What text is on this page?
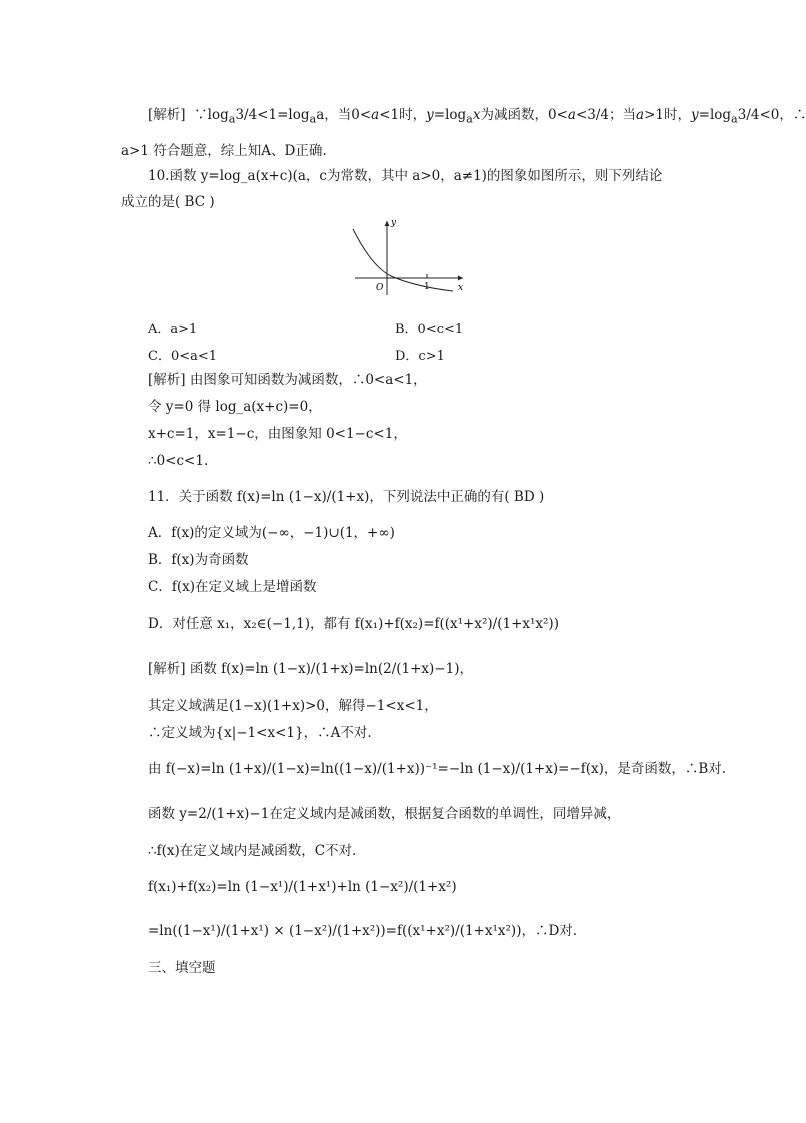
[解析]  $\because\log_a3/4<1=\log_aa$，当0<a<1时，$y=\log_ax$为减函数，0<a<3/4；当a>1时，$y=\log_a3/4<0$，∴
a>1 符合题意，综上知A、D正确.
10.函数 y=log_a(x+c)(a，c为常数，其中 a>0，a≠1)的图象如图所示，则下列结论
成立的是( BC )
y
x
O	1
A．a>1	B．0<c<1
C．0<a<1	D．c>1
[解析] 由图象可知函数为减函数，∴0<a<1，
令 y=0 得 log_a(x+c)=0，
x+c=1，x=1−c，由图象知 0<1−c<1，
∴0<c<1.
11．关于函数 f(x)=ln (1−x)/(1+x)，下列说法中正确的有( BD )
A．f(x)的定义域为(−∞，−1)∪(1，+∞)
B．f(x)为奇函数
C．f(x)在定义域上是增函数
D．对任意 x₁，x₂∈(−1,1)，都有 f(x₁)+f(x₂)=f((x¹+x²)/(1+x¹x²))
[解析] 函数 f(x)=ln (1−x)/(1+x)=ln(2/(1+x)−1)，
其定义域满足(1−x)(1+x)>0，解得−1<x<1，
∴定义域为{x|−1<x<1}，∴A不对.
由 f(−x)=ln (1+x)/(1−x)=ln((1−x)/(1+x))⁻¹=−ln (1−x)/(1+x)=−f(x)，是奇函数，∴B对.
函数 y=2/(1+x)−1在定义域内是减函数，根据复合函数的单调性，同增异减，
∴f(x)在定义域内是减函数，C不对.
f(x₁)+f(x₂)=ln (1−x¹)/(1+x¹)+ln (1−x²)/(1+x²)
=ln((1−x¹)/(1+x¹) × (1−x²)/(1+x²))=f((x¹+x²)/(1+x¹x²))，∴D对.
三、填空题
